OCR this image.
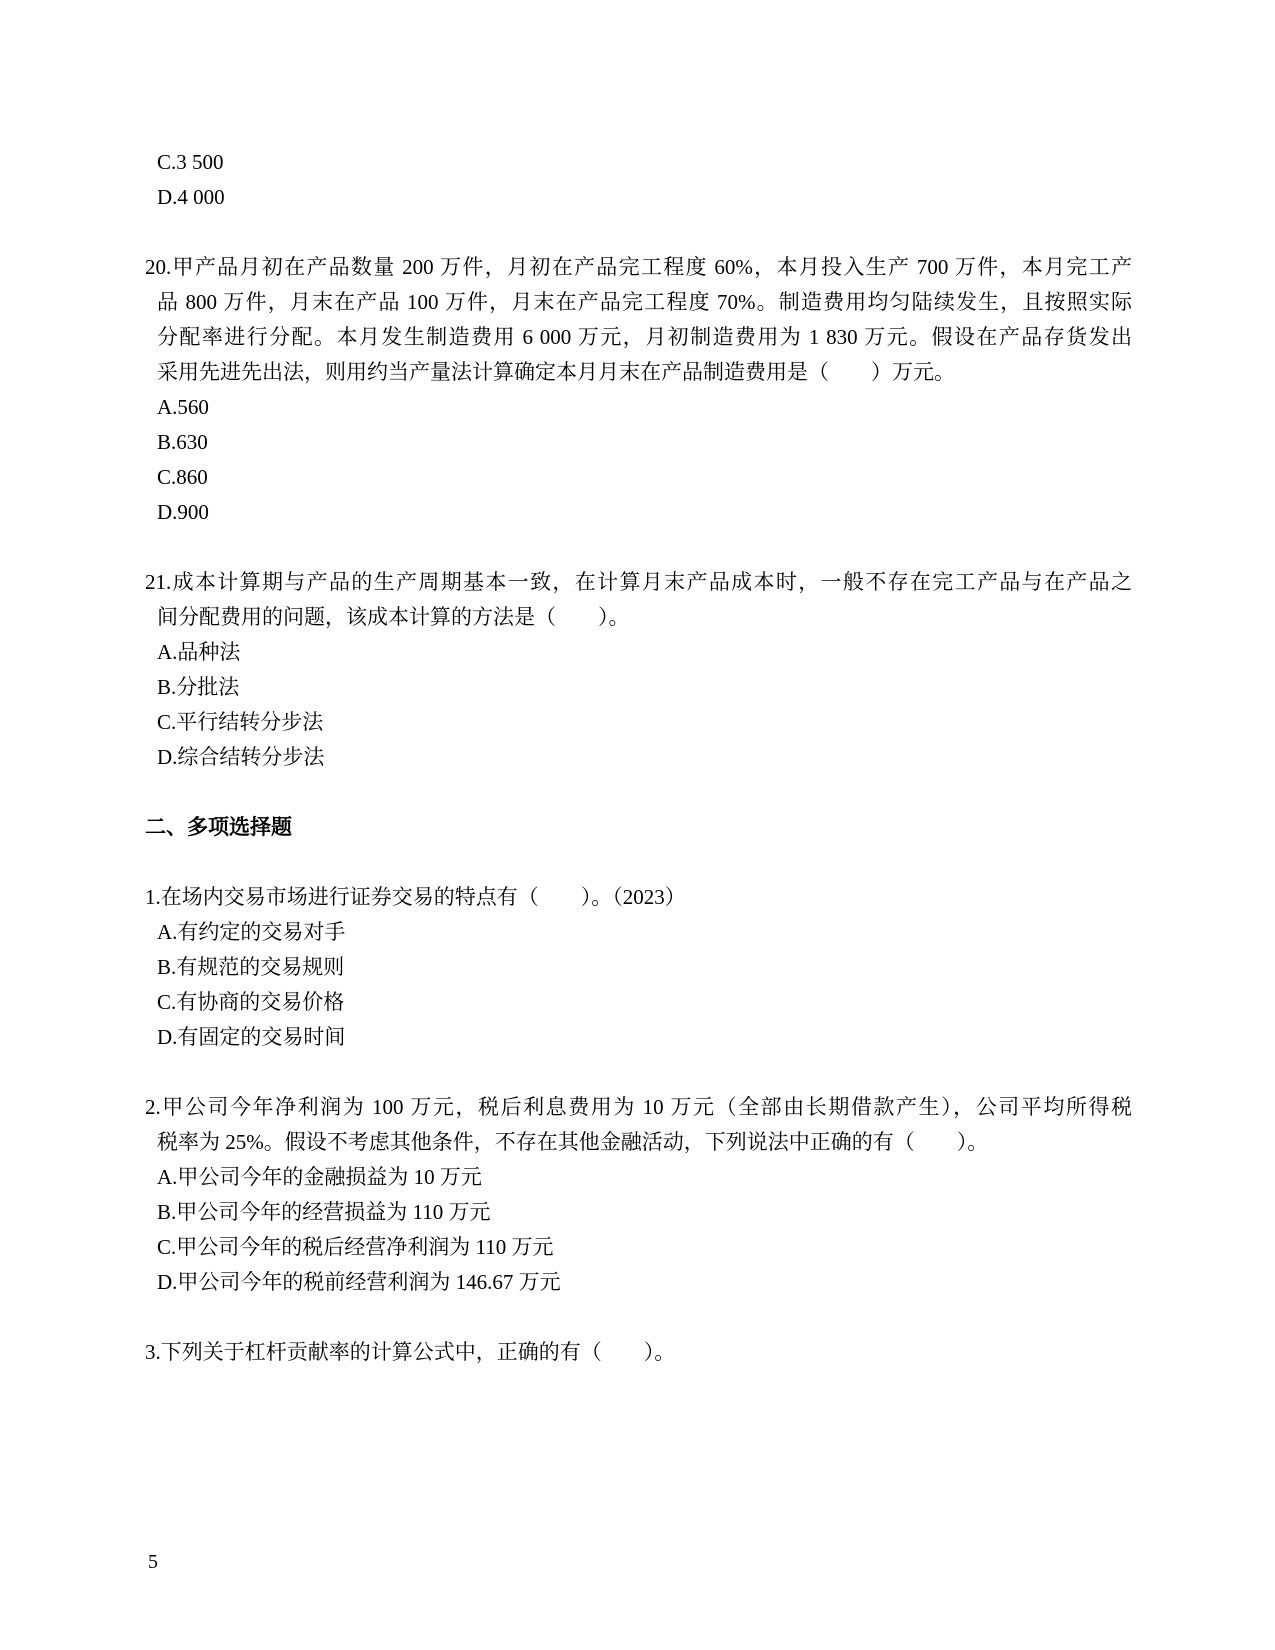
C.3 500
D.4 000
20.甲产品月初在产品数量 200 万件，月初在产品完工程度 60%，本月投入生产 700 万件，本月完工产
品 800 万件，月末在产品 100 万件，月末在产品完工程度 70%。制造费用均匀陆续发生，且按照实际
分配率进行分配。本月发生制造费用 6 000 万元，月初制造费用为 1 830 万元。假设在产品存货发出
采用先进先出法，则用约当产量法计算确定本月月末在产品制造费用是（　　）万元。
A.560
B.630
C.860
D.900
21.成本计算期与产品的生产周期基本一致，在计算月末产品成本时，一般不存在完工产品与在产品之
间分配费用的问题，该成本计算的方法是（　　）。
A.品种法
B.分批法
C.平行结转分步法
D.综合结转分步法
二、多项选择题
1.在场内交易市场进行证券交易的特点有（　　）。（2023）
A.有约定的交易对手
B.有规范的交易规则
C.有协商的交易价格
D.有固定的交易时间
2.甲公司今年净利润为 100 万元，税后利息费用为 10 万元（全部由长期借款产生），公司平均所得税
税率为 25%。假设不考虑其他条件，不存在其他金融活动，下列说法中正确的有（　　）。
A.甲公司今年的金融损益为 10 万元
B.甲公司今年的经营损益为 110 万元
C.甲公司今年的税后经营净利润为 110 万元
D.甲公司今年的税前经营利润为 146.67 万元
3.下列关于杠杆贡献率的计算公式中，正确的有（　　）。
5
